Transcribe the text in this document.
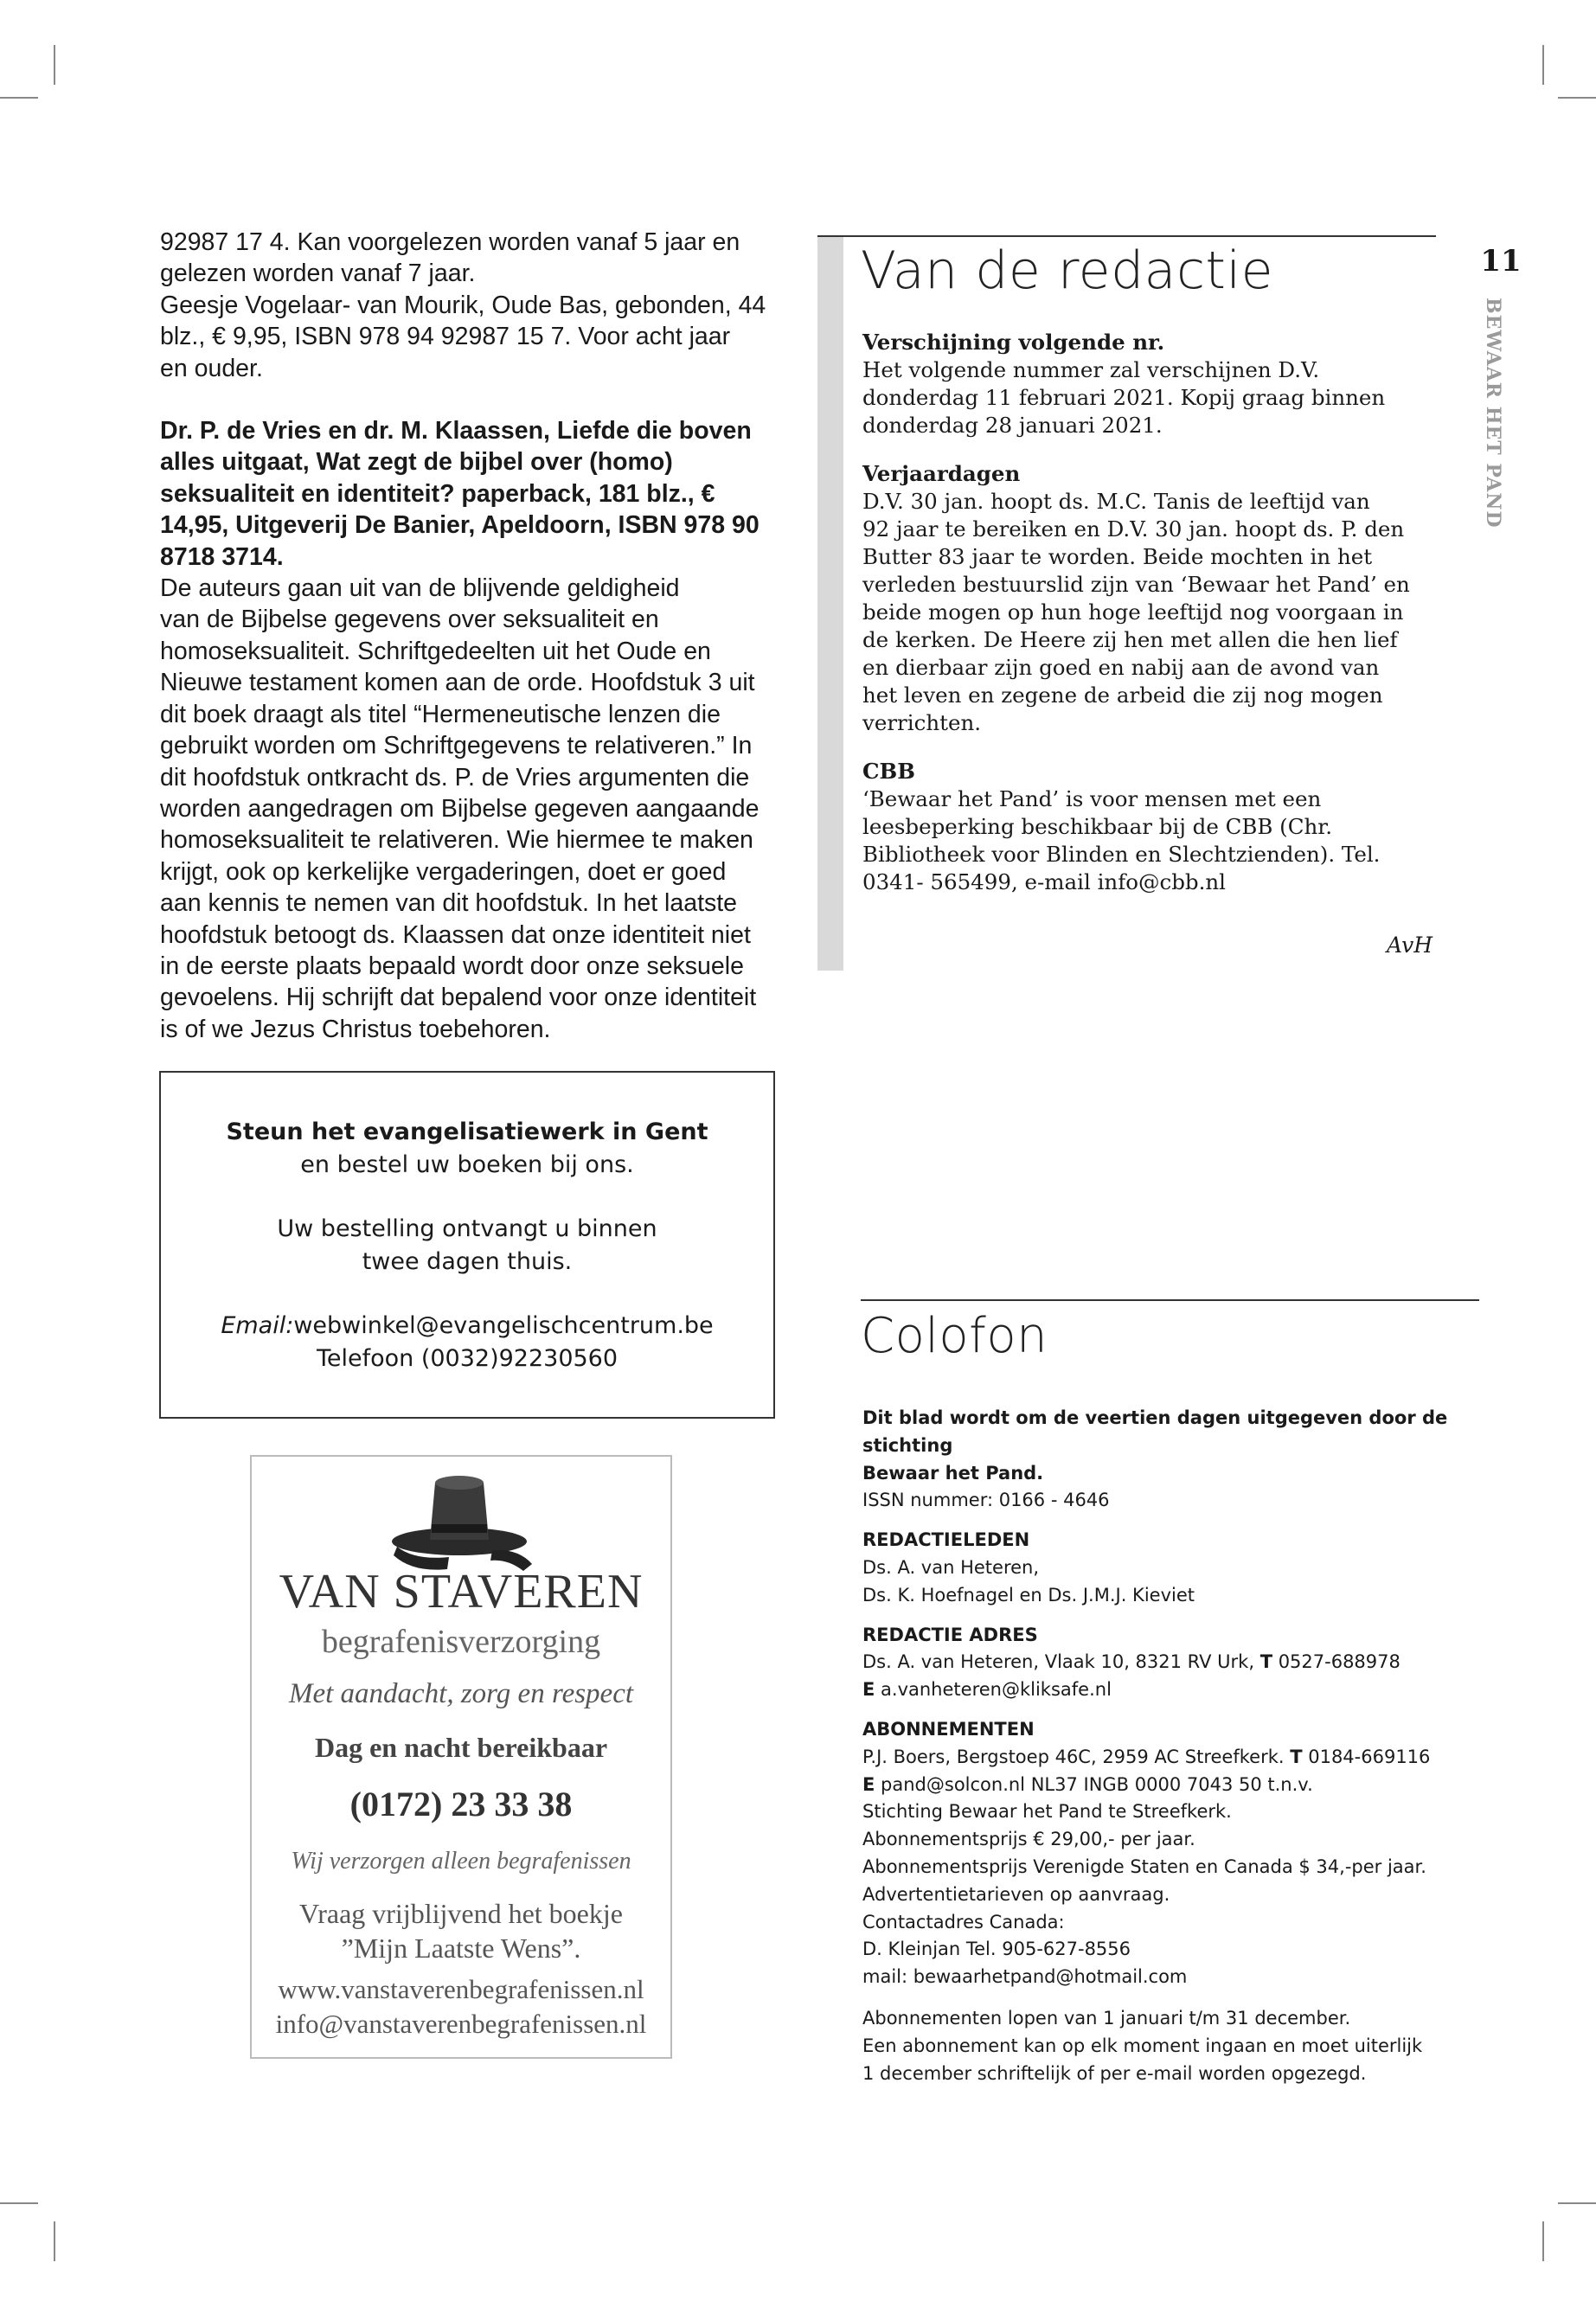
92987 17 4. Kan voorgelezen worden vanaf 5 jaar en

gelezen worden vanaf 7 jaar.

Geesje Vogelaar- van Mourik, Oude Bas, gebonden, 44

blz., € 9,95, ISBN 978 94 92987 15 7. Voor acht jaar

en ouder.

Dr. P. de Vries en dr. M. Klaassen, Liefde die boven

alles uitgaat, Wat zegt de bijbel over (homo)

seksualiteit en identiteit? paperback, 181 blz., €

14,95, Uitgeverij De Banier, Apeldoorn, ISBN 978 90

8718 3714.

De auteurs gaan uit van de blijvende geldigheid

van de Bijbelse gegevens over seksualiteit en

homoseksualiteit. Schriftgedeelten uit het Oude en

Nieuwe testament komen aan de orde. Hoofdstuk 3 uit

dit boek draagt als titel “Hermeneutische lenzen die

gebruikt worden om Schriftgegevens te relativeren.” In

dit hoofdstuk ontkracht ds. P. de Vries argumenten die

worden aangedragen om Bijbelse gegeven aangaande

homoseksualiteit te relativeren. Wie hiermee te maken

krijgt, ook op kerkelijke vergaderingen, doet er goed

aan kennis te nemen van dit hoofdstuk. In het laatste

hoofdstuk betoogt ds. Klaassen dat onze identiteit niet

in de eerste plaats bepaald wordt door onze seksuele

gevoelens. Hij schrijft dat bepalend voor onze identiteit

is of we Jezus Christus toebehoren.

Steun het evangelisatiewerk in Gent
en bestel uw boeken bij ons.
Uw bestelling ontvangt u binnen
twee dagen thuis.
Email:webwinkel@evangelischcentrum.be
Telefoon (0032)92230560
VAN STAVEREN
begrafenisverzorging
Met aandacht, zorg en respect
Dag en nacht bereikbaar
(0172) 23 33 38
Wij verzorgen alleen begrafenissen
Vraag vrijblijvend het boekje
”Mijn Laatste Wens”.
www.vanstaverenbegrafenissen.nl
info@vanstaverenbegrafenissen.nl
Van de redactie
Verschijning volgende nr.
Het volgende nummer zal verschijnen D.V.
donderdag 11 februari 2021. Kopij graag binnen
donderdag 28 januari 2021.
Verjaardagen
D.V. 30 jan. hoopt ds. M.C. Tanis de leeftijd van
92 jaar te bereiken en D.V. 30 jan. hoopt ds. P. den
Butter 83 jaar te worden. Beide mochten in het
verleden bestuurslid zijn van ‘Bewaar het Pand’ en
beide mogen op hun hoge leeftijd nog voorgaan in
de kerken. De Heere zij hen met allen die hen lief
en dierbaar zijn goed en nabij aan de avond van
het leven en zegene de arbeid die zij nog mogen
verrichten.
CBB
‘Bewaar het Pand’ is voor mensen met een
leesbeperking beschikbaar bij de CBB (Chr.
Bibliotheek voor Blinden en Slechtzienden). Tel.
0341- 565499, e-mail info@cbb.nl
AvH
11
BEWAAR HET PAND
Colofon
Dit blad wordt om de veertien dagen uitgegeven door de stichting
Bewaar het Pand.
ISSN nummer: 0166 - 4646
REDACTIELEDEN
Ds. A. van Heteren,
Ds. K. Hoefnagel en Ds. J.M.J. Kieviet
REDACTIE ADRES
Ds. A. van Heteren, Vlaak 10, 8321 RV Urk, T 0527-688978
E a.vanheteren@kliksafe.nl
ABONNEMENTEN
P.J. Boers, Bergstoep 46C, 2959 AC Streefkerk. T 0184-669116
E pand@solcon.nl NL37 INGB 0000 7043 50 t.n.v.
Stichting Bewaar het Pand te Streefkerk.
Abonnementsprijs € 29,00,- per jaar.
Abonnementsprijs Verenigde Staten en Canada $ 34,-per jaar.
Advertentietarieven op aanvraag.
Contactadres Canada:
D. Kleinjan Tel. 905-627-8556
mail: bewaarhetpand@hotmail.com
Abonnementen lopen van 1 januari t/m 31 december.
Een abonnement kan op elk moment ingaan en moet uiterlijk
1 december schriftelijk of per e-mail worden opgezegd.
